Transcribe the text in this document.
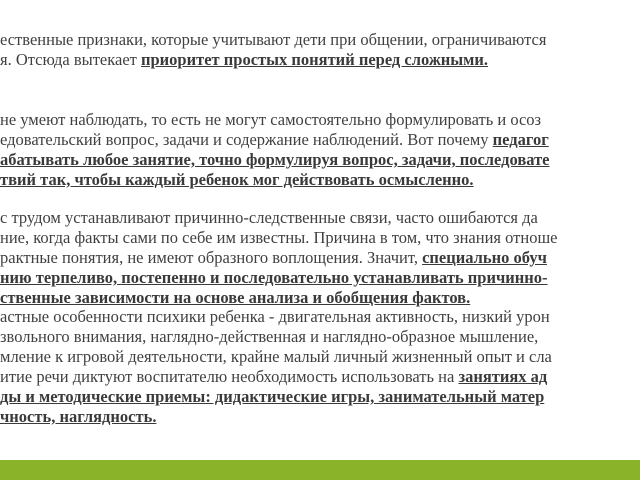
ественные признаки, которые учитывают дети при общении, ограничиваются
я. Отсюда вытекает приоритет простых понятий перед сложными.
не умеют наблюдать, то есть не могут самостоятельно формулировать и осоз
едовательский вопрос, задачи и содержание наблюдений. Вот почему педагог
абатывать любое занятие, точно формулируя вопрос, задачи, последовате
твий так, чтобы каждый ребенок мог действовать осмысленно.
с трудом устанавливают причинно-следственные связи, часто ошибаются да
ние, когда факты сами по себе им известны. Причина в том, что знания отноше
рактные понятия, не имеют образного воплощения. Значит, специально обуч
нию терпеливо, постепенно и последовательно устанавливать причинно-
ственные зависимости на основе анализа и обобщения фактов.
астные особенности психики ребенка - двигательная активность, низкий урон
звольного внимания, наглядно-действенная и наглядно-образное мышление,
мление к игровой деятельности, крайне малый личный жизненный опыт и сла
итие речи диктуют воспитателю необходимость использовать на занятиях ад
ды и методические приемы: дидактические игры, занимательный матер
чность, наглядность.
